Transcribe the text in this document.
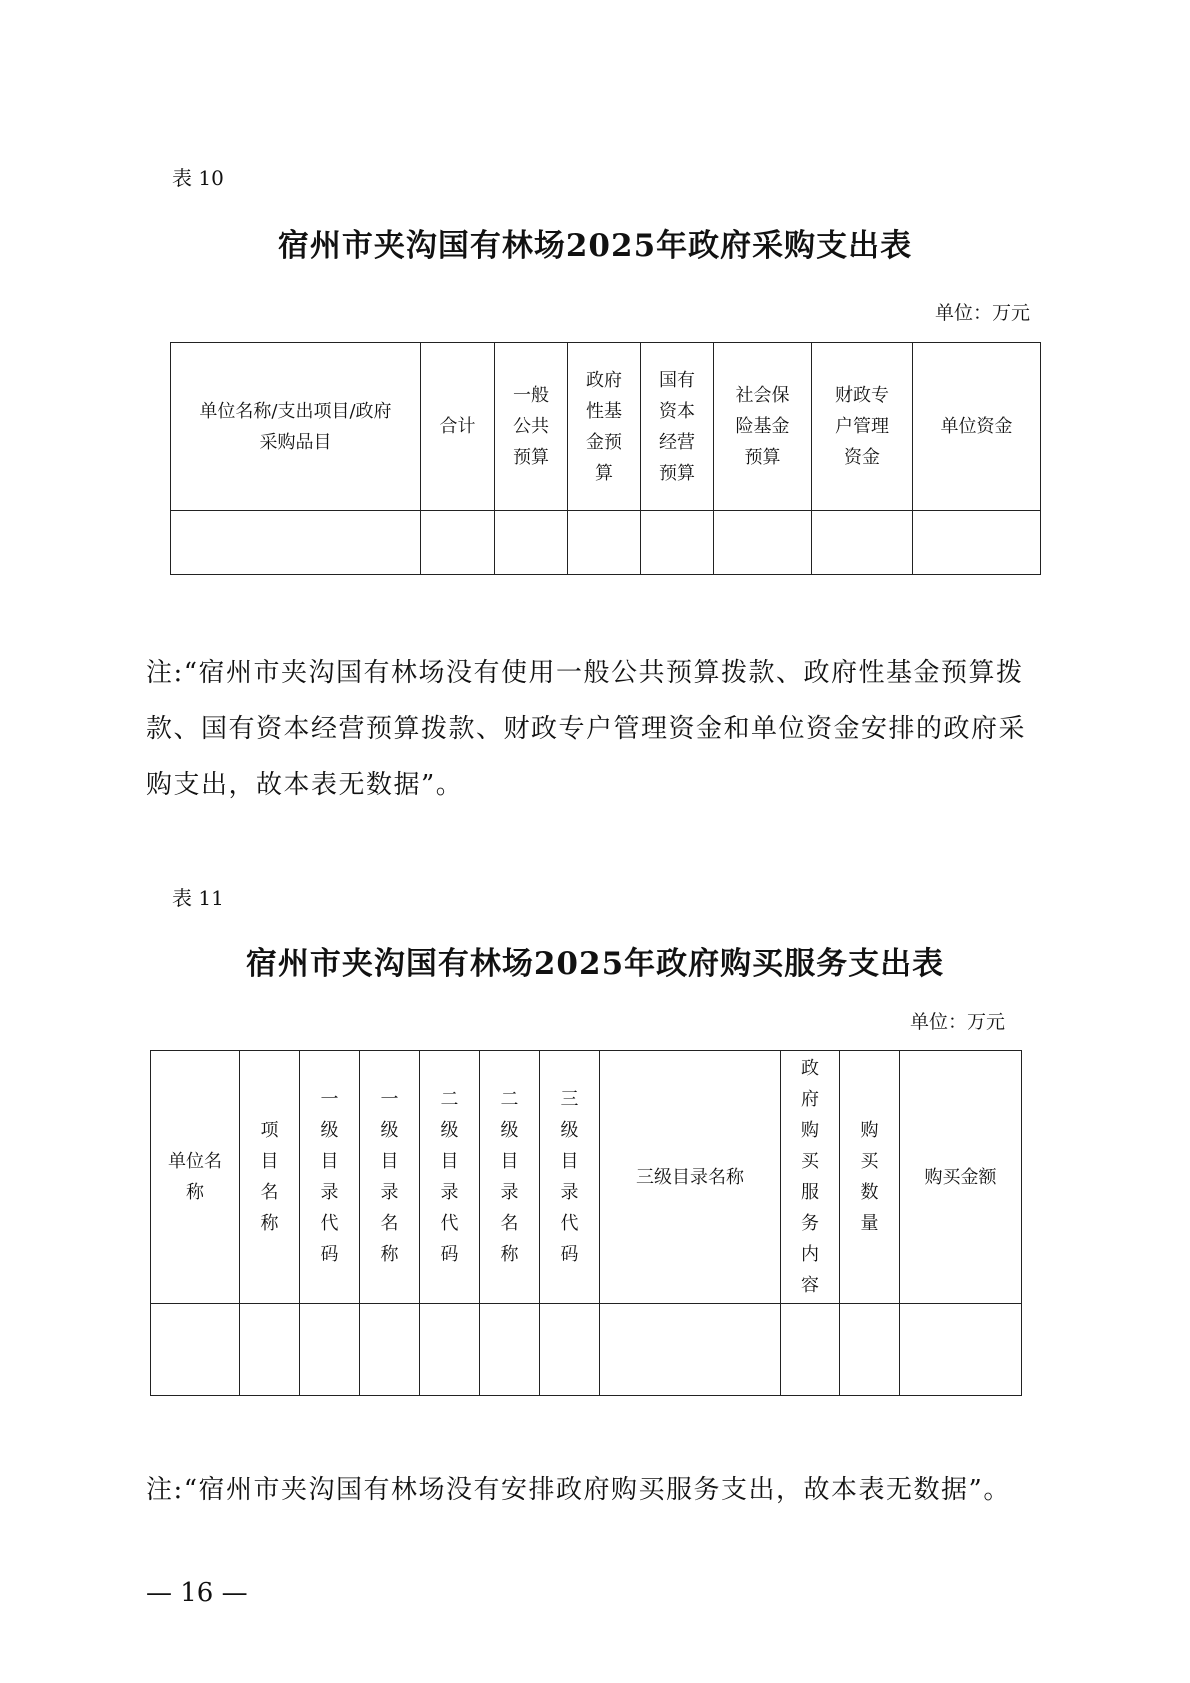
表 10
宿州市夹沟国有林场2025年政府采购支出表
单位：万元
单位名称/支出项目/政府采购品目	合计	一般公共预算	政府性基金预算	国有资本经营预算	社会保险基金预算	财政专户管理资金	单位资金

注:“宿州市夹沟国有林场没有使用一般公共预算拨款、政府性基金预算拨款、国有资本经营预算拨款、财政专户管理资金和单位资金安排的政府采购支出，故本表无数据”。
表 11
宿州市夹沟国有林场2025年政府购买服务支出表
单位：万元
单位名称	项目名称	一级目录代码	一级目录名称	二级目录代码	二级目录名称	三级目录代码	三级目录名称	政府购买服务内容	购买数量	购买金额

注:“宿州市夹沟国有林场没有安排政府购买服务支出，故本表无数据”。
— 16 —
